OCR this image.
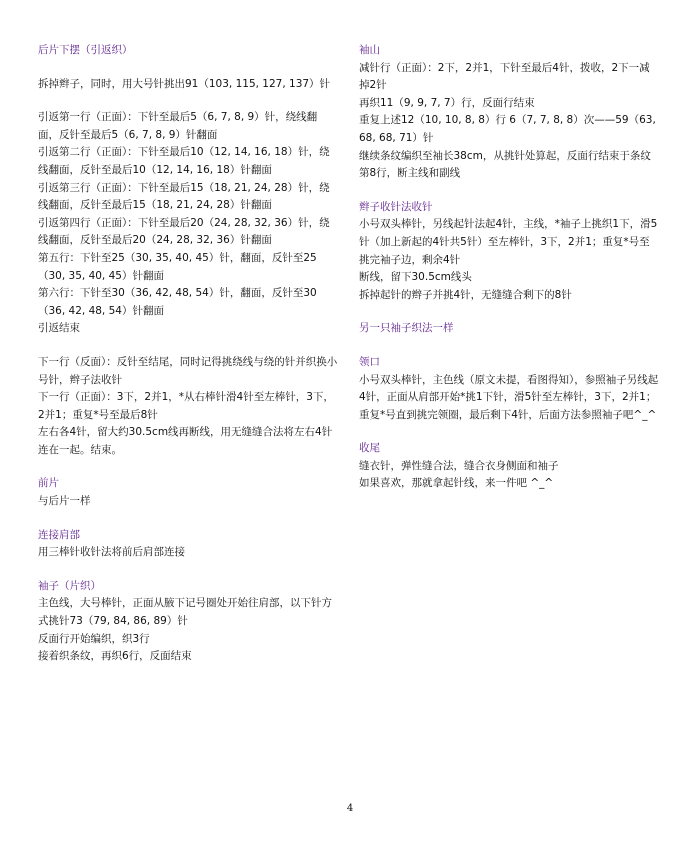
后片下摆（引返织）

拆掉辫子，同时，用大号针挑出91（103, 115, 127, 137）针

引返第一行（正面）：下针至最后5（6, 7, 8, 9）针，绕线翻面，反针至最后5（6, 7, 8, 9）针翻面

引返第二行（正面）：下针至最后10（12, 14, 16, 18）针，绕线翻面，反针至最后10（12, 14, 16, 18）针翻面

引返第三行（正面）：下针至最后15（18, 21, 24, 28）针，绕线翻面，反针至最后15（18, 21, 24, 28）针翻面

引返第四行（正面）：下针至最后20（24, 28, 32, 36）针，绕线翻面，反针至最后20（24, 28, 32, 36）针翻面

第五行：下针至25（30, 35, 40, 45）针，翻面，反针至25（30, 35, 40, 45）针翻面

第六行：下针至30（36, 42, 48, 54）针，翻面，反针至30（36, 42, 48, 54）针翻面

引返结束

下一行（反面）：反针至结尾，同时记得挑绕线与绕的针并织换小号针，辫子法收针

下一行（正面）：3下，2并1，*从右棒针滑4针至左棒针，3下，2并1；重复*号至最后8针

左右各4针，留大约30.5cm线再断线，用无缝缝合法将左右4针连在一起。结束。

前片

与后片一样

连接肩部

用三棒针收针法将前后肩部连接

袖子（片织）

主色线，大号棒针，正面从腋下记号圈处开始往肩部，以下针方式挑针73（79, 84, 86, 89）针

反面行开始编织，织3行

接着织条纹，再织6行，反面结束

袖山

减针行（正面）：2下，2并1，下针至最后4针，拨收，2下一减掉2针

再织11（9, 9, 7, 7）行，反面行结束

重复上述12（10, 10, 8, 8）行 6（7, 7, 8, 8）次——59（63, 68, 68, 71）针

继续条纹编织至袖长38cm，从挑针处算起，反面行结束于条纹第8行，断主线和副线

辫子收针法收针

小号双头棒针，另线起针法起4针，主线，*袖子上挑织1下，滑5针（加上新起的4针共5针）至左棒针，3下，2并1；重复*号至挑完袖子边，剩余4针

断线，留下30.5cm线头

拆掉起针的辫子并挑4针，无缝缝合剩下的8针

另一只袖子织法一样

领口

小号双头棒针，主色线（原文未提，看图得知），参照袖子另线起4针，正面从肩部开始*挑1下针，滑5针至左棒针，3下，2并1；重复*号直到挑完领圈，最后剩下4针，后面方法参照袖子吧^_^

收尾

缝衣针，弹性缝合法，缝合衣身侧面和袖子

如果喜欢，那就拿起针线，来一件吧 ^_^

4
